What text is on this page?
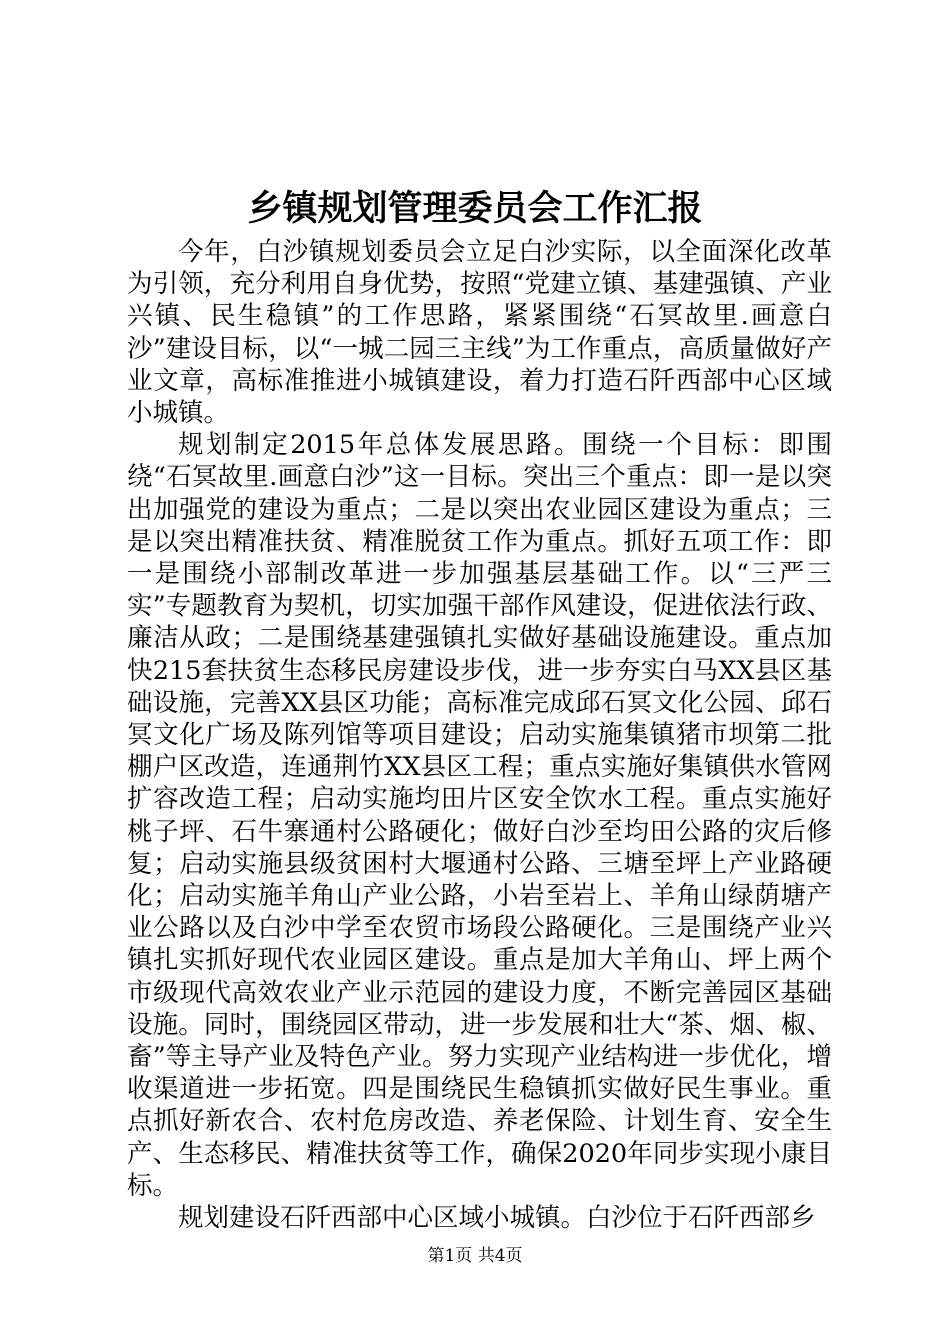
乡镇规划管理委员会工作汇报

今年，白沙镇规划委员会立足白沙实际，以全面深化改革为引领，充分利用自身优势，按照“党建立镇、基建强镇、产业兴镇、民生稳镇”的工作思路，紧紧围绕“石冥故里.画意白沙”建设目标，以“一城二园三主线”为工作重点，高质量做好产业文章，高标准推进小城镇建设，着力打造石阡西部中心区域小城镇。

规划制定2015年总体发展思路。围绕一个目标：即围绕“石冥故里.画意白沙”这一目标。突出三个重点：即一是以突出加强党的建设为重点；二是以突出农业园区建设为重点；三是以突出精准扶贫、精准脱贫工作为重点。抓好五项工作：即一是围绕小部制改革进一步加强基层基础工作。以“三严三实”专题教育为契机，切实加强干部作风建设，促进依法行政、廉洁从政；二是围绕基建强镇扎实做好基础设施建设。重点加快215套扶贫生态移民房建设步伐，进一步夯实白马XX县区基础设施，完善XX县区功能；高标准完成邱石冥文化公园、邱石冥文化广场及陈列馆等项目建设；启动实施集镇猪市坝第二批棚户区改造，连通荆竹XX县区工程；重点实施好集镇供水管网扩容改造工程；启动实施均田片区安全饮水工程。重点实施好桃子坪、石牛寨通村公路硬化；做好白沙至均田公路的灾后修复；启动实施县级贫困村大堰通村公路、三塘至坪上产业路硬化；启动实施羊角山产业公路，小岩至岩上、羊角山绿荫塘产业公路以及白沙中学至农贸市场段公路硬化。三是围绕产业兴镇扎实抓好现代农业园区建设。重点是加大羊角山、坪上两个市级现代高效农业产业示范园的建设力度，不断完善园区基础设施。同时，围绕园区带动，进一步发展和壮大“茶、烟、椒、畜”等主导产业及特色产业。努力实现产业结构进一步优化，增收渠道进一步拓宽。四是围绕民生稳镇抓实做好民生事业。重点抓好新农合、农村危房改造、养老保险、计划生育、安全生产、生态移民、精准扶贫等工作，确保2020年同步实现小康目标。

规划建设石阡西部中心区域小城镇。白沙位于石阡西部乡

第1页 共4页
